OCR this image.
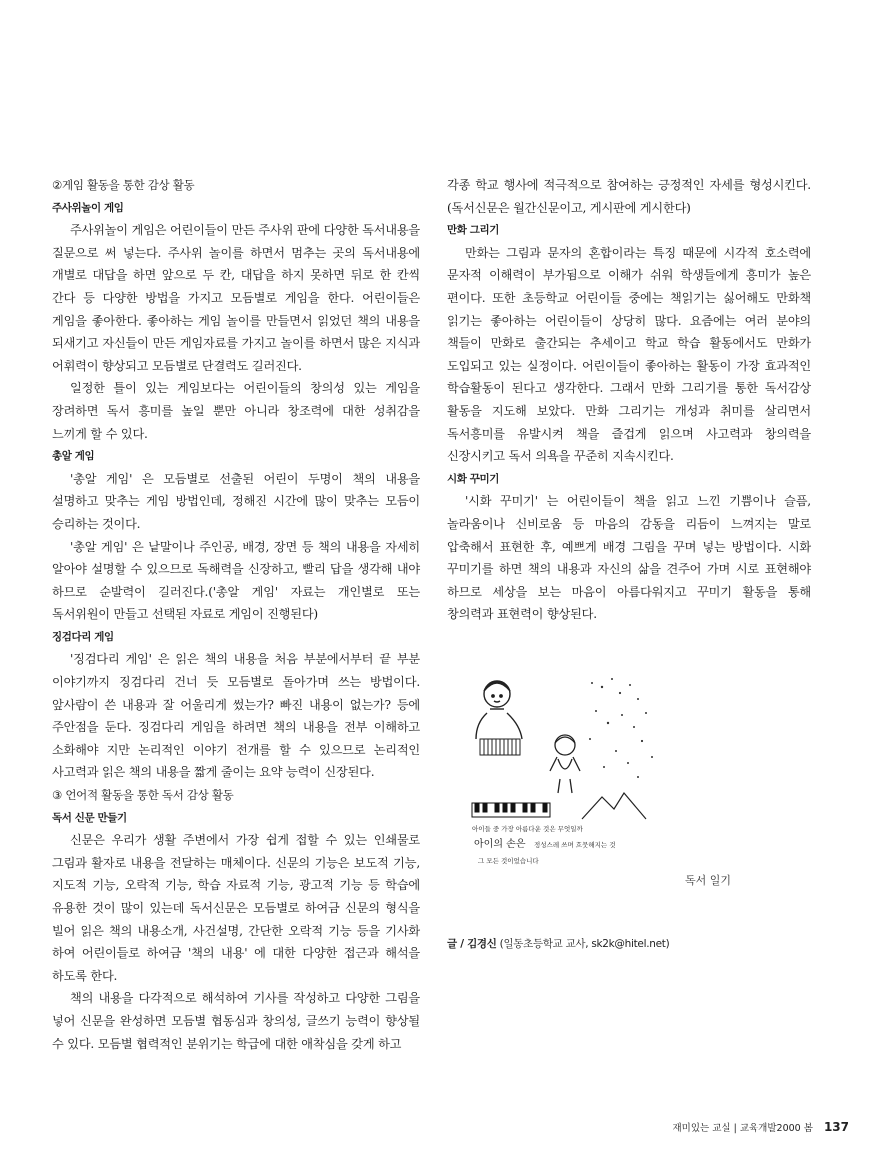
②게임 활동을 통한 감상 활동

주사위놀이 게임

주사위놀이 게임은 어린이들이 만든 주사위 판에 다양한 독서내용을 질문으로 써 넣는다. 주사위 놀이를 하면서 멈추는 곳의 독서내용에 개별로 대답을 하면 앞으로 두 칸, 대답을 하지 못하면 뒤로 한 칸씩 간다 등 다양한 방법을 가지고 모듬별로 게임을 한다. 어린이들은 게임을 좋아한다. 좋아하는 게임 놀이를 만들면서 읽었던 책의 내용을 되새기고 자신들이 만든 게임자료를 가지고 놀이를 하면서 많은 지식과 어휘력이 향상되고 모듬별로 단결력도 길러진다.

일정한 틀이 있는 게임보다는 어린이들의 창의성 있는 게임을 장려하면 독서 흥미를 높일 뿐만 아니라 창조력에 대한 성취감을 느끼게 할 수 있다.

총알 게임

'총알 게임' 은 모듬별로 선출된 어린이 두명이 책의 내용을 설명하고 맞추는 게임 방법인데, 정해진 시간에 많이 맞추는 모듬이 승리하는 것이다.

'총알 게임' 은 낱말이나 주인공, 배경, 장면 등 책의 내용을 자세히 알아야 설명할 수 있으므로 독해력을 신장하고, 빨리 답을 생각해 내야 하므로 순발력이 길러진다.('총알 게임' 자료는 개인별로 또는 독서위원이 만들고 선택된 자료로 게임이 진행된다)

징검다리 게임

'징검다리 게임' 은 읽은 책의 내용을 처음 부분에서부터 끝 부분 이야기까지 징검다리 건너 듯 모듬별로 돌아가며 쓰는 방법이다. 앞사람이 쓴 내용과 잘 어울리게 썼는가? 빠진 내용이 없는가? 등에 주안점을 둔다. 징검다리 게임을 하려면 책의 내용을 전부 이해하고 소화해야 지만 논리적인 이야기 전개를 할 수 있으므로 논리적인 사고력과 읽은 책의 내용을 짧게 줄이는 요약 능력이 신장된다.

③ 언어적 활동을 통한 독서 감상 활동

독서 신문 만들기

신문은 우리가 생활 주변에서 가장 쉽게 접할 수 있는 인쇄물로 그림과 활자로 내용을 전달하는 매체이다. 신문의 기능은 보도적 기능, 지도적 기능, 오락적 기능, 학습 자료적 기능, 광고적 기능 등 학습에 유용한 것이 많이 있는데 독서신문은 모듬별로 하여금 신문의 형식을 빌어 읽은 책의 내용소개, 사건설명, 간단한 오락적 기능 등을 기사화 하여 어린이들로 하여금 '책의 내용' 에 대한 다양한 접근과 해석을 하도록 한다.

책의 내용을 다각적으로 해석하여 기사를 작성하고 다양한 그림을 넣어 신문을 완성하면 모듬별 협동심과 창의성, 글쓰기 능력이 향상될 수 있다. 모듬별 협력적인 분위기는 학급에 대한 애착심을 갖게 하고

각종 학교 행사에 적극적으로 참여하는 긍정적인 자세를 형성시킨다.(독서신문은 월간신문이고, 게시판에 게시한다)

만화 그리기

만화는 그림과 문자의 혼합이라는 특징 때문에 시각적 호소력에 문자적 이해력이 부가됨으로 이해가 쉬워 학생들에게 흥미가 높은 편이다. 또한 초등학교 어린이들 중에는 책읽기는 싫어해도 만화책 읽기는 좋아하는 어린이들이 상당히 많다. 요즘에는 여러 분야의 책들이 만화로 출간되는 추세이고 학교 학습 활동에서도 만화가 도입되고 있는 실정이다. 어린이들이 좋아하는 활동이 가장 효과적인 학습활동이 된다고 생각한다. 그래서 만화 그리기를 통한 독서감상 활동을 지도해 보았다. 만화 그리기는 개성과 취미를 살리면서 독서흥미를 유발시켜 책을 즐겁게 읽으며 사고력과 창의력을 신장시키고 독서 의욕을 꾸준히 지속시킨다.

시화 꾸미기

'시화 꾸미기' 는 어린이들이 책을 읽고 느낀 기쁨이나 슬픔, 놀라움이나 신비로움 등 마음의 감동을 리듬이 느껴지는 말로 압축해서 표현한 후, 예쁘게 배경 그림을 꾸며 넣는 방법이다. 시화 꾸미기를 하면 책의 내용과 자신의 삶을 견주어 가며 시로 표현해야 하므로 세상을 보는 마음이 아름다워지고 꾸미기 활동을 통해 창의력과 표현력이 향상된다.

아이들 중 가장 아름다운 것은 무엇일까
아이의 손은 정성스레 쓰며 흐뭇해지는 것
그 모든 것이었습니다
독서 일기
글 / 김경신 (일동초등학교 교사, sk2k@hitel.net)
재미있는 교실 | 교육개발2000 봄 137
